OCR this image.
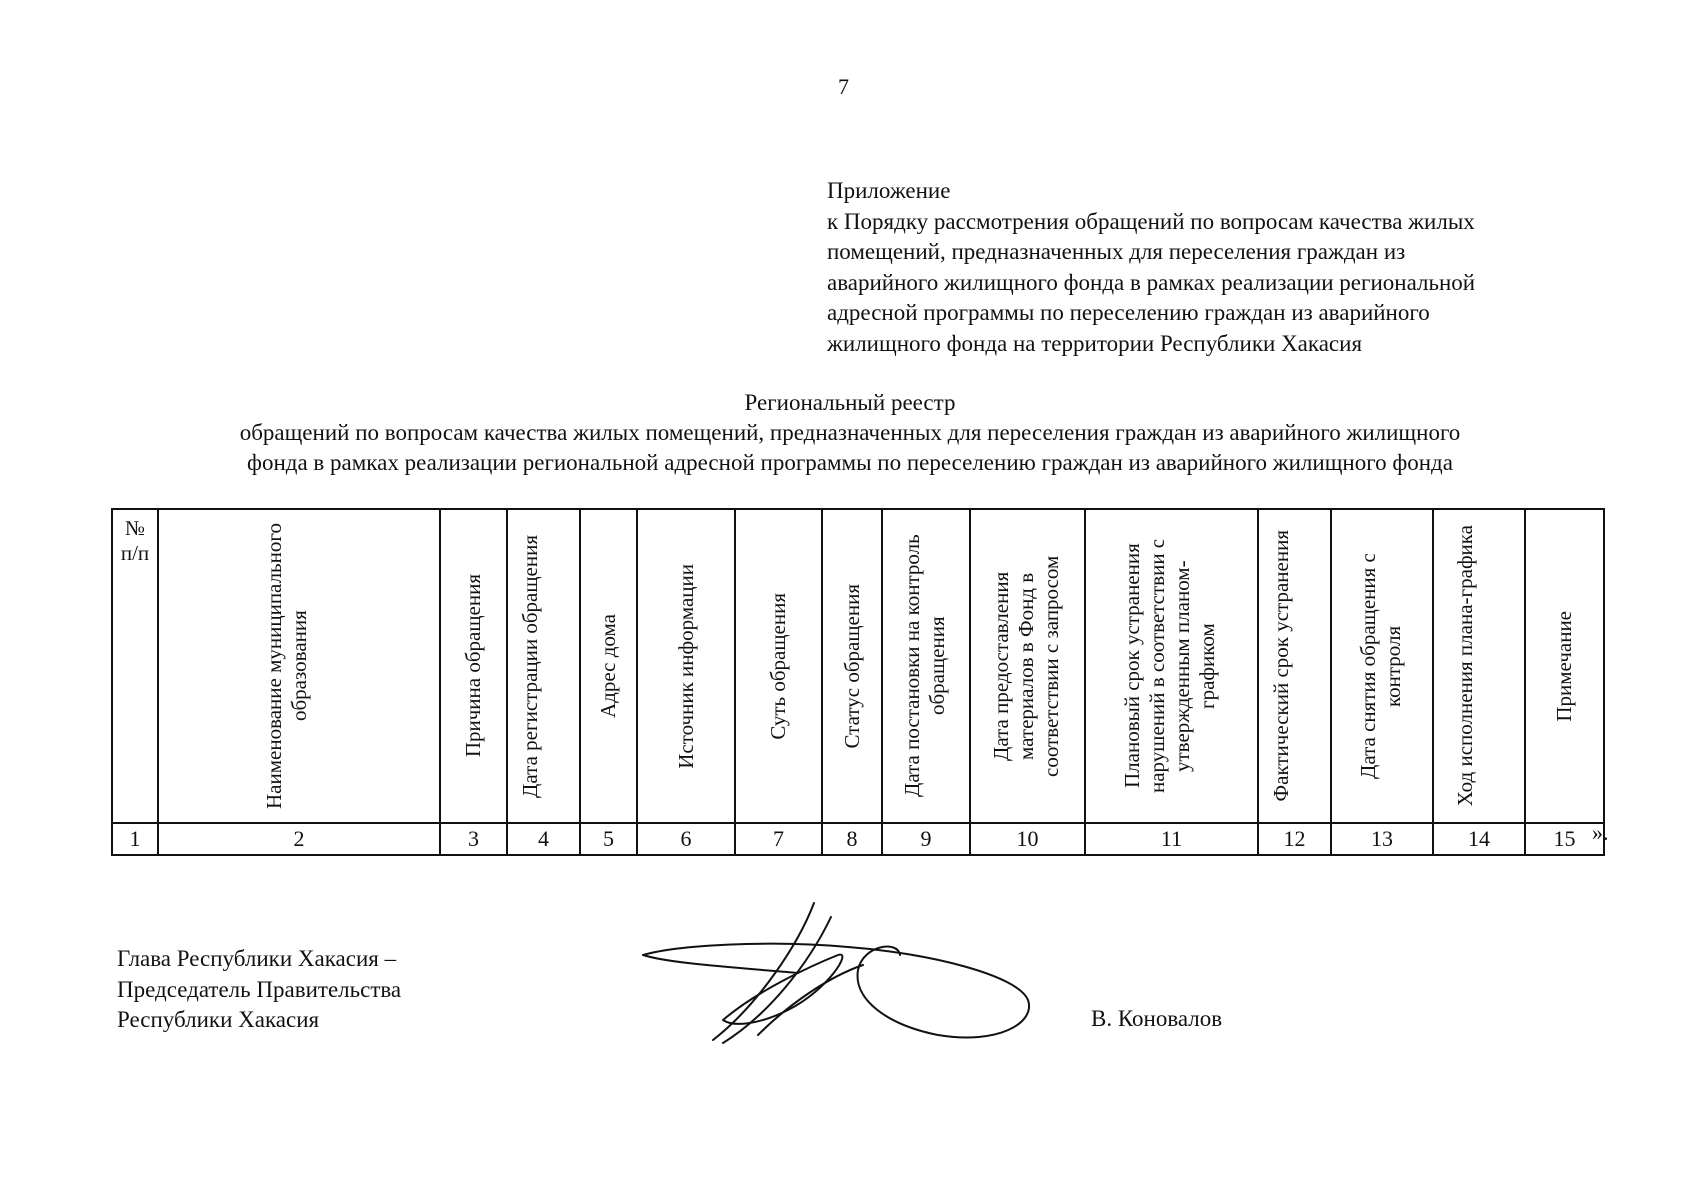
7
Приложение
к Порядку рассмотрения обращений по вопросам качества жилых
помещений, предназначенных для переселения граждан из
аварийного жилищного фонда в рамках реализации региональной
адресной программы по переселению граждан из аварийного
жилищного фонда на территории Республики Хакасия
Региональный реестр
обращений по вопросам качества жилых помещений, предназначенных для переселения граждан из аварийного жилищного
фонда в рамках реализации региональной адресной программы по переселению граждан из аварийного жилищного фонда
№
п/п	Наименование муниципального образования	Причина обращения	Дата регистрации обращения	Адрес дома	Источник информации	Суть обращения	Статус обращения	Дата постановки на контроль обращения	Дата предоставления материалов в Фонд в соответствии с запросом	Плановый срок устранения нарушений в соответствии с утвержденным планом-графиком	Фактический срок устранения	Дата снятия обращения с контроля	Ход исполнения плана-графика	Примечание

1	2	3	4	5	6	7	8	9	10	11	12	13	14	15 ».
Глава Республики Хакасия –
Председатель Правительства
Республики Хакасия	В. Коновалов
